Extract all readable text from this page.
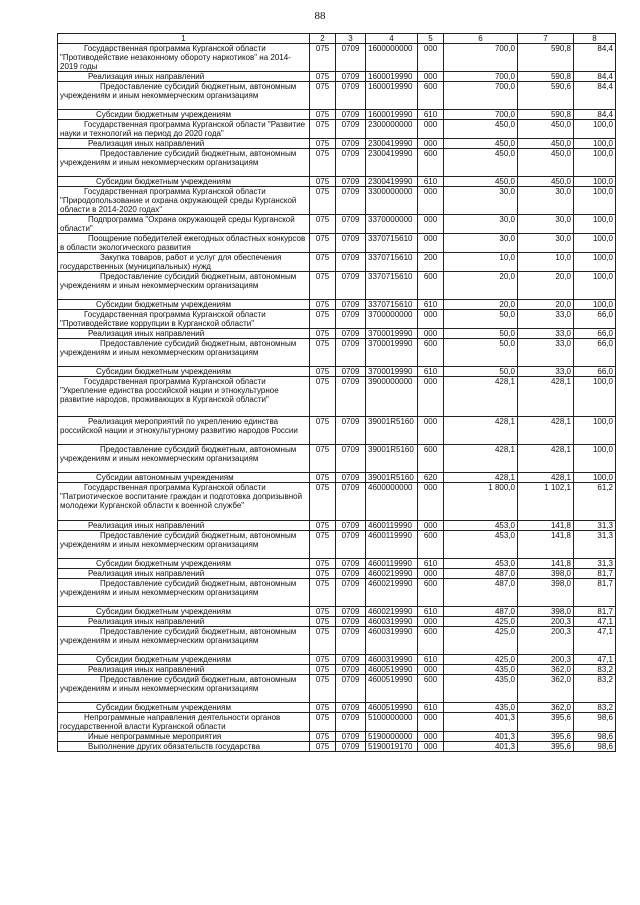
88
1	2	3	4	5	6	7	8
Государственная программа Курганской области "Противодействие незаконному обороту наркотиков" на 2014-2019 годы	075	0709	1600000000	000	700,0	590,8	84,4
Реализация иных направлений	075	0709	1600019990	000	700,0	590,8	84,4
Предоставление субсидий бюджетным, автономным учреждениям и иным некоммерческим организациям	075	0709	1600019990	600	700,0	590,6	84,4
Субсидии бюджетным учреждениям	075	0709	1600019990	610	700,0	590,8	84,4
Государственная программа Курганской области "Развитие науки и технологий на период до 2020 года"	075	0709	2300000000	000	450,0	450,0	100,0
Реализация иных направлений	075	0709	2300419990	000	450,0	450,0	100,0
Предоставление субсидий бюджетным, автономным учреждениям и иным некоммерческим организациям	075	0709	2300419990	600	450,0	450,0	100,0
Субсидии бюджетным учреждениям	075	0709	2300419990	610	450,0	450,0	100,0
Государственная программа Курганской области "Природопользование и охрана окружающей среды Курганской области в 2014-2020 годах"	075	0709	3300000000	000	30,0	30,0	100,0
Подпрограмма "Охрана окружающей среды Курганской области"	075	0709	3370000000	000	30,0	30,0	100,0
Поощрение победителей ежегодных областных конкурсов в области экологического развития	075	0709	3370715610	000	30,0	30,0	100,0
Закупка товаров, работ и услуг для обеспечения государственных (муниципальных) нужд	075	0709	3370715610	200	10,0	10,0	100,0
Предоставление субсидий бюджетным, автономным учреждениям и иным некоммерческим организациям	075	0709	3370715610	600	20,0	20,0	100,0
Субсидии бюджетным учреждениям	075	0709	3370715610	610	20,0	20,0	100,0
Государственная программа Курганской области "Противодействие коррупции в Курганской области"	075	0709	3700000000	000	50,0	33,0	66,0
Реализация иных направлений	075	0709	3700019990	000	50,0	33,0	66,0
Предоставление субсидий бюджетным, автономным учреждениям и иным некоммерческим организациям	075	0709	3700019990	600	50,0	33,0	66,0
Субсидии бюджетным учреждениям	075	0709	3700019990	610	50,0	33,0	66,0
Государственная программа Курганской области "Укрепление единства российской нации и этнокультурное развитие народов, проживающих в Курганской области"	075	0709	3900000000	000	428,1	428,1	100,0
Реализация мероприятий по укреплению единства российской нации и этнокультурному развитию народов России	075	0709	39001R5160	000	428,1	428,1	100,0
Предоставление субсидий бюджетным, автономным учреждениям и иным некоммерческим организациям	075	0709	39001R5160	600	428,1	428,1	100,0
Субсидии автономным учреждениям	075	0709	39001R5160	620	428,1	428,1	100,0
Государственная программа Курганской области "Патриотическое воспитание граждан и подготовка допризывной молодежи Курганской области к военной службе"	075	0709	4600000000	000	1 800,0	1 102,1	61,2
Реализация иных направлений	075	0709	4600119990	000	453,0	141,8	31,3
Предоставление субсидий бюджетным, автономным учреждениям и иным некоммерческим организациям	075	0709	4600119990	600	453,0	141,8	31,3
Субсидии бюджетным учреждениям	075	0709	4600119990	610	453,0	141,8	31,3
Реализация иных направлений	075	0709	4600219990	000	487,0	398,0	81,7
Предоставление субсидий бюджетным, автономным учреждениям и иным некоммерческим организациям	075	0709	4600219990	600	487,0	398,0	81,7
Субсидии бюджетным учреждениям	075	0709	4600219990	610	487,0	398,0	81,7
Реализация иных направлений	075	0709	4600319990	000	425,0	200,3	47,1
Предоставление субсидий бюджетным, автономным учреждениям и иным некоммерческим организациям	075	0709	4600319990	600	425,0	200,3	47,1
Субсидии бюджетным учреждениям	075	0709	4600319990	610	425,0	200,3	47,1
Реализация иных направлений	075	0709	4600519990	000	435,0	362,0	83,2
Предоставление субсидий бюджетным, автономным учреждениям и иным некоммерческим организациям	075	0709	4600519990	600	435,0	362,0	83,2
Субсидии бюджетным учреждениям	075	0709	4600519990	610	435,0	362,0	83,2
Непрограммные направления деятельности органов государственной власти Курганской области	075	0709	5100000000	000	401,3	395,6	98,6
Иные непрограммные мероприятия	075	0709	5190000000	000	401,3	395,6	98,6
Выполнение других обязательств государства	075	0709	5190019170	000	401,3	395,6	98,6
